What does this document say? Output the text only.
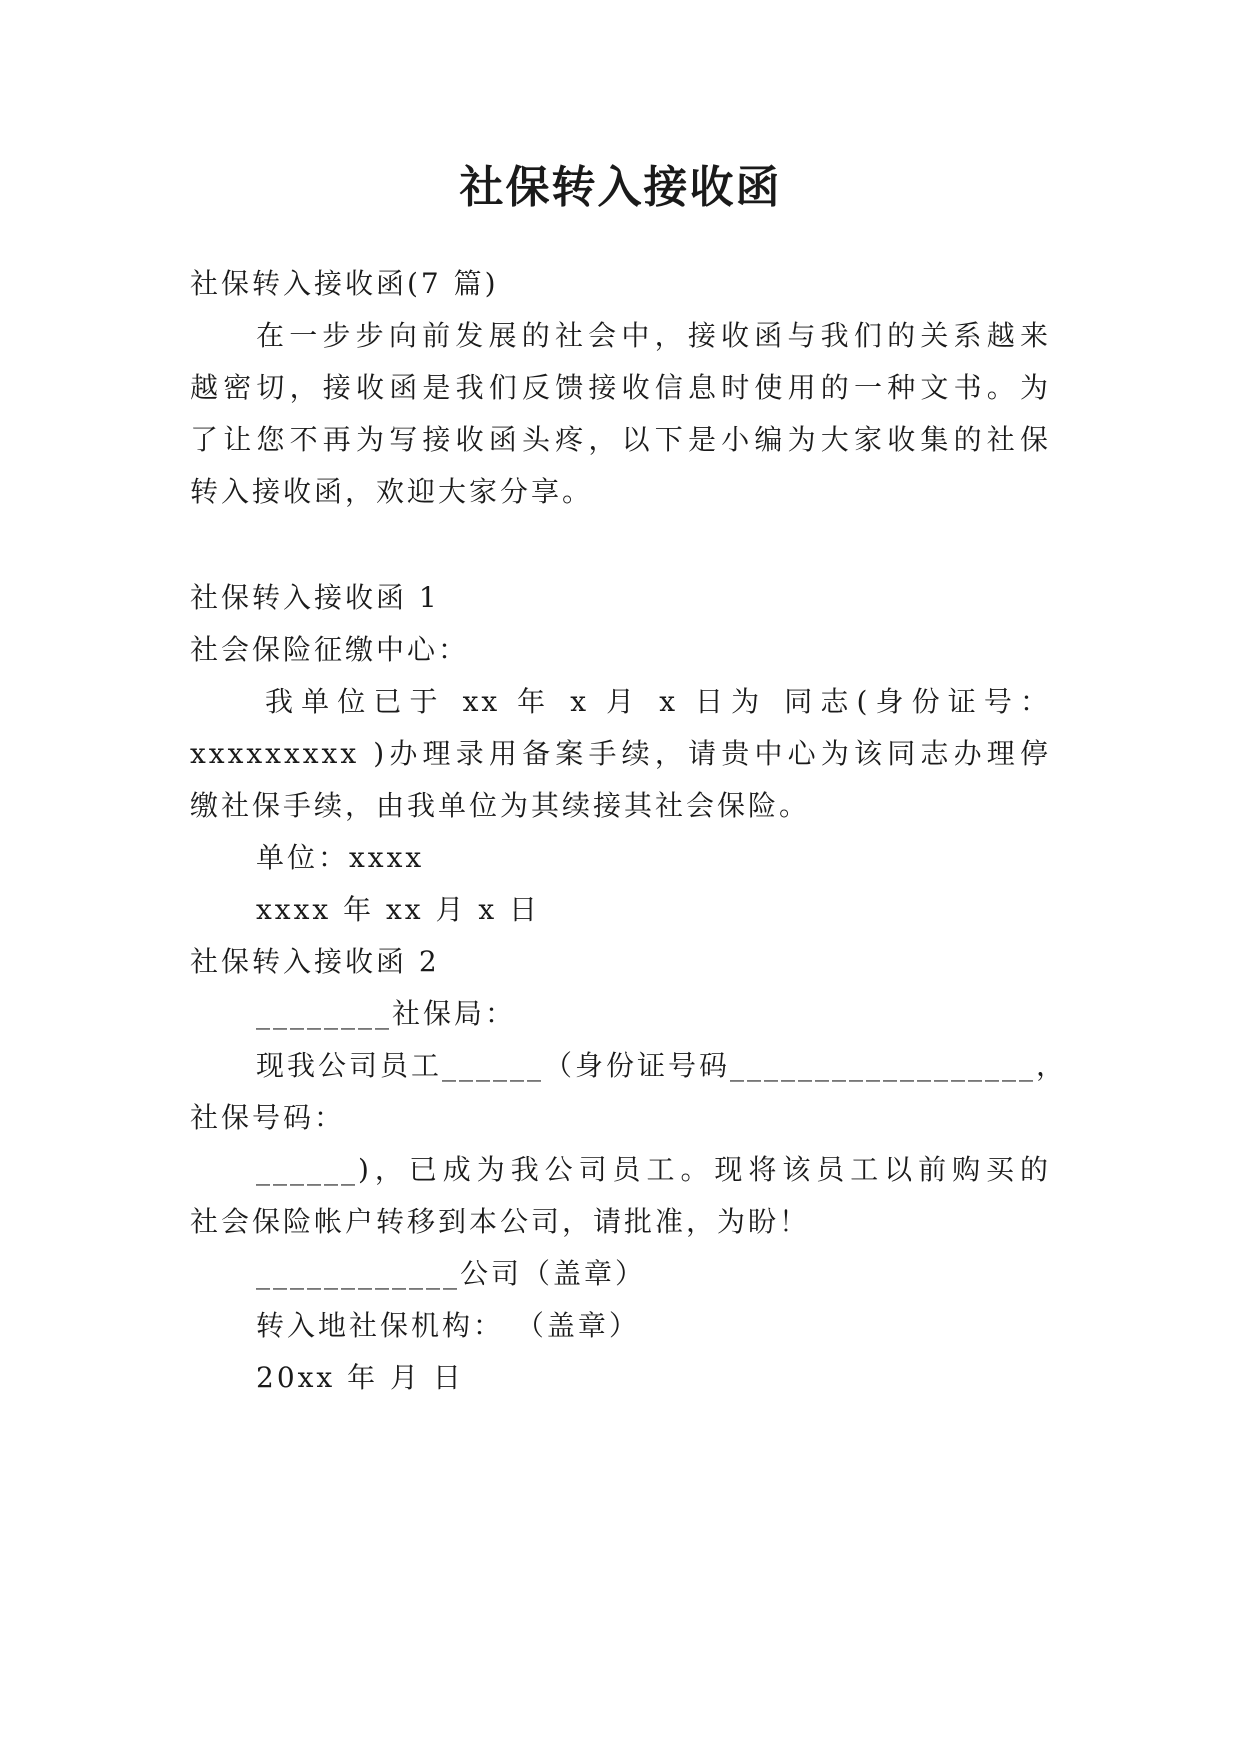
社保转入接收函
社保转入接收函(7 篇)
在一步步向前发展的社会中，接收函与我们的关系越来
越密切，接收函是我们反馈接收信息时使用的一种文书。为
了让您不再为写接收函头疼，以下是小编为大家收集的社保
转入接收函，欢迎大家分享。
社保转入接收函 1
社会保险征缴中心：
我单位已于 xx 年 x 月 x 日为 同志(身份证号：
xxxxxxxxx )办理录用备案手续，请贵中心为该同志办理停
缴社保手续，由我单位为其续接其社会保险。
单位：xxxx
xxxx 年 xx 月 x 日
社保转入接收函 2
________社保局：
现我公司员工______（身份证号码__________________，
社保号码：
______)，已成为我公司员工。现将该员工以前购买的
社会保险帐户转移到本公司，请批准，为盼！
____________公司（盖章）
转入地社保机构： （盖章）
20xx 年 月 日
